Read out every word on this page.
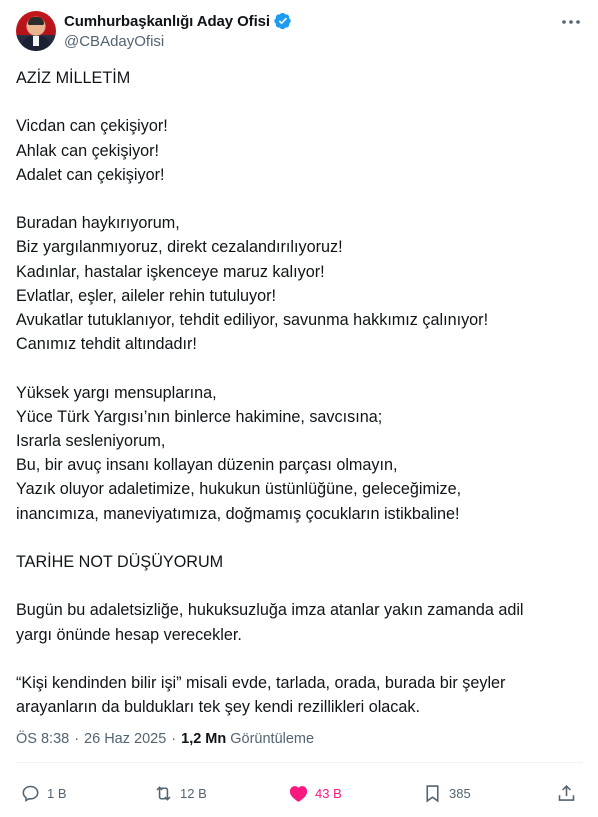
Cumhurbaşkanlığı Aday Ofisi
@CBAdayOfisi

AZİZ MİLLETİM

Vicdan can çekişiyor!

Ahlak can çekişiyor!

Adalet can çekişiyor!

Buradan haykırıyorum,

Biz yargılanmıyoruz, direkt cezalandırılıyoruz!

Kadınlar, hastalar işkenceye maruz kalıyor!

Evlatlar, eşler, aileler rehin tutuluyor!

Avukatlar tutuklanıyor, tehdit ediliyor, savunma hakkımız çalınıyor!

Canımız tehdit altındadır!

Yüksek yargı mensuplarına,

Yüce Türk Yargısı’nın binlerce hakimine, savcısına;

Israrla sesleniyorum,

Bu, bir avuç insanı kollayan düzenin parçası olmayın,

Yazık oluyor adaletimize, hukukun üstünlüğüne, geleceğimize,

inancımıza, maneviyatımıza, doğmamış çocukların istikbaline!

TARİHE NOT DÜŞÜYORUM

Bugün bu adaletsizliğe, hukuksuzluğa imza atanlar yakın zamanda adil

yargı önünde hesap verecekler.

“Kişi kendinden bilir işi” misali evde, tarlada, orada, burada bir şeyler

arayanların da buldukları tek şey kendi rezillikleri olacak.

ÖS 8:38 · 26 Haz 2025 · 1,2 Mn Görüntüleme
1 B	12 B	43 B	385
